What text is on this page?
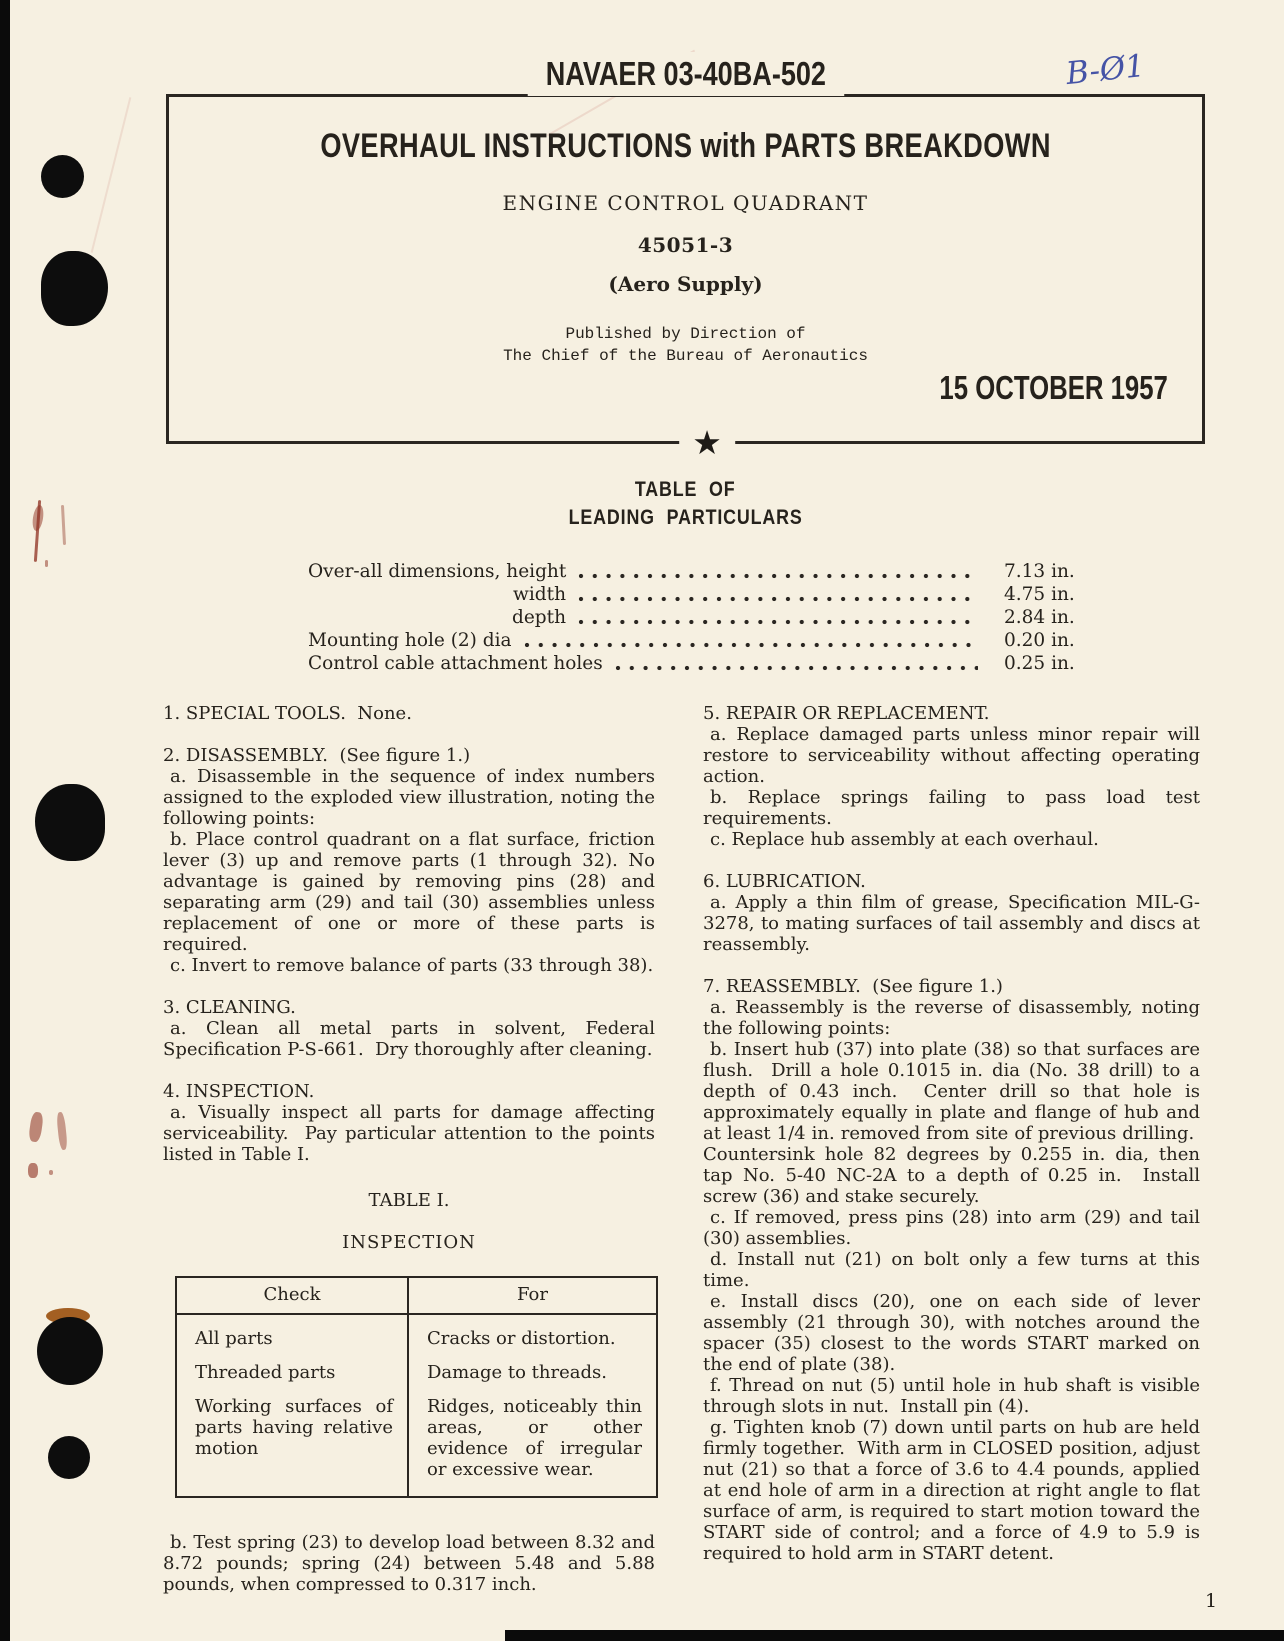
OVERHAUL INSTRUCTIONS with PARTS BREAKDOWN
ENGINE CONTROL QUADRANT
45051-3
(Aero Supply)
Published by Direction of
The Chief of the Bureau of Aeronautics
15 OCTOBER 1957
NAVAER 03-40BA-502	B-Ø1
★
TABLE OF
LEADING PARTICULARS
Over-all dimensions, height	7.13 in.
width	4.75 in.
depth	2.84 in.
Mounting hole (2) dia	0.20 in.
Control cable attachment holes	0.25 in.

1. SPECIAL TOOLS.  None.

2. DISASSEMBLY.  (See figure 1.)

a. Disassemble in the sequence of index numbers assigned to the exploded view illustration, noting the following points:

b. Place control quadrant on a flat surface, friction lever (3) up and remove parts (1 through 32). No advantage is gained by removing pins (28) and separating arm (29) and tail (30) assemblies unless replacement of one or more of these parts is required.

c. Invert to remove balance of parts (33 through 38).

3. CLEANING.

a. Clean all metal parts in solvent, Federal Specification P-S-661.  Dry thoroughly after cleaning.

4. INSPECTION.

a. Visually inspect all parts for damage affecting serviceability.  Pay particular attention to the points listed in Table I.

TABLE I.

INSPECTION

Check	For
All parts	Cracks or distortion.
Threaded parts	Damage to threads.
Working surfaces of parts having relative motion	Ridges, noticeably thin areas, or other evidence of irregular or excessive wear.

b. Test spring (23) to develop load between 8.32 and 8.72 pounds; spring (24) between 5.48 and 5.88 pounds, when compressed to 0.317 inch.

5. REPAIR OR REPLACEMENT.

a. Replace damaged parts unless minor repair will restore to serviceability without affecting operating action.

b. Replace springs failing to pass load test requirements.

c. Replace hub assembly at each overhaul.

6. LUBRICATION.

a. Apply a thin film of grease, Specification MIL-G-3278, to mating surfaces of tail assembly and discs at reassembly.

7. REASSEMBLY.  (See figure 1.)

a. Reassembly is the reverse of disassembly, noting the following points:

b. Insert hub (37) into plate (38) so that surfaces are flush.  Drill a hole 0.1015 in. dia (No. 38 drill) to a depth of 0.43 inch.  Center drill so that hole is approximately equally in plate and flange of hub and at least 1/4 in. removed from site of previous drilling.  Countersink hole 82 degrees by 0.255 in. dia, then tap No. 5-40 NC-2A to a depth of 0.25 in.  Install screw (36) and stake securely.

c. If removed, press pins (28) into arm (29) and tail (30) assemblies.

d. Install nut (21) on bolt only a few turns at this time.

e. Install discs (20), one on each side of lever assembly (21 through 30), with notches around the spacer (35) closest to the words START marked on the end of plate (38).

f. Thread on nut (5) until hole in hub shaft is visible through slots in nut.  Install pin (4).

g. Tighten knob (7) down until parts on hub are held firmly together.  With arm in CLOSED position, adjust nut (21) so that a force of 3.6 to 4.4 pounds, applied at end hole of arm in a direction at right angle to flat surface of arm, is required to start motion toward the START side of control; and a force of 4.9 to 5.9 is required to hold arm in START detent.

1
